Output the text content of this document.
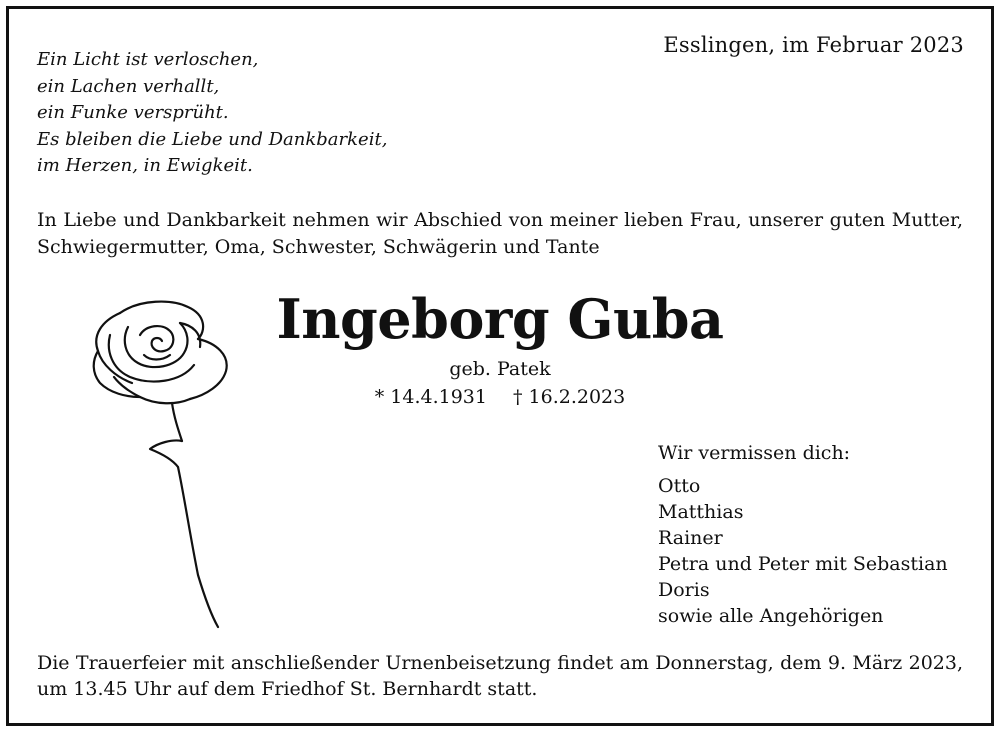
Esslingen, im Februar 2023
Ein Licht ist verloschen,
ein Lachen verhallt,
ein Funke versprüht.
Es bleiben die Liebe und Dankbarkeit,
im Herzen, in Ewigkeit.
In Liebe und Dankbarkeit nehmen wir Abschied von meiner lieben Frau, unserer guten Mutter, Schwiegermutter, Oma, Schwester, Schwägerin und Tante
Ingeborg Guba
geb. Patek
* 14.4.1931 † 16.2.2023
Wir vermissen dich:
Otto
Matthias
Rainer
Petra und Peter mit Sebastian
Doris
sowie alle Angehörigen
Die Trauerfeier mit anschließender Urnenbeisetzung findet am Donnerstag, dem 9. März 2023, um 13.45 Uhr auf dem Friedhof St. Bernhardt statt.
